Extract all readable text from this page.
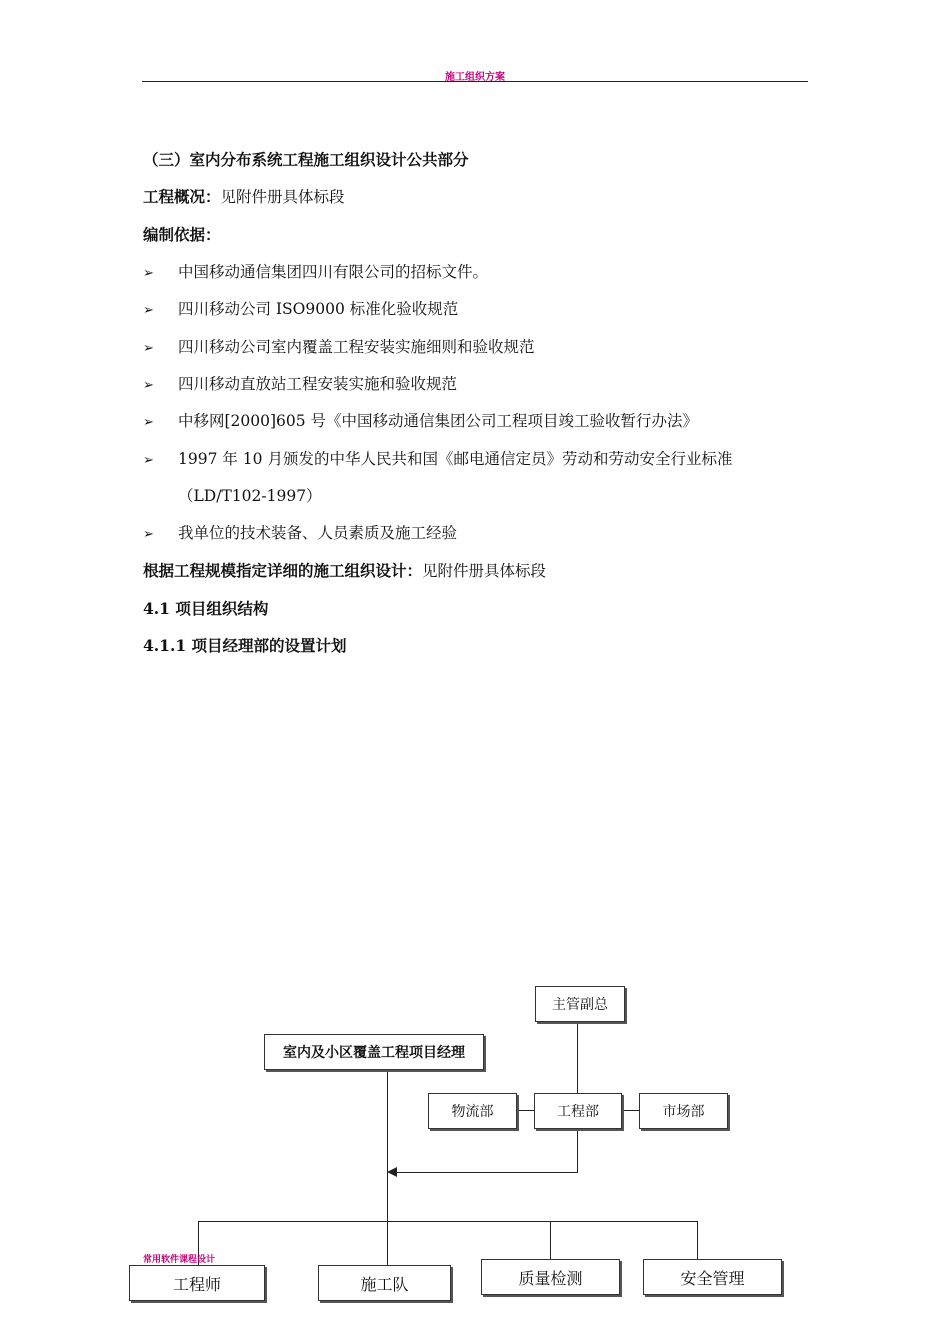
施工组织方案
（三）室内分布系统工程施工组织设计公共部分
工程概况：见附件册具体标段
编制依据：
➢ 中国移动通信集团四川有限公司的招标文件。
➢ 四川移动公司 ISO9000 标准化验收规范
➢ 四川移动公司室内覆盖工程安装实施细则和验收规范
➢ 四川移动直放站工程安装实施和验收规范
➢ 中移网[2000]605 号《中国移动通信集团公司工程项目竣工验收暂行办法》
➢ 1997 年 10 月颁发的中华人民共和国《邮电通信定员》劳动和劳动安全行业标准
（LD/T102-1997）
➢ 我单位的技术装备、人员素质及施工经验
根据工程规模指定详细的施工组织设计：见附件册具体标段
4.1 项目组织结构
4.1.1 项目经理部的设置计划
主管副总
室内及小区覆盖工程项目经理
物流部	工程部	市场部
工程师	施工队	质量检测	安全管理
常用软件课程设计
